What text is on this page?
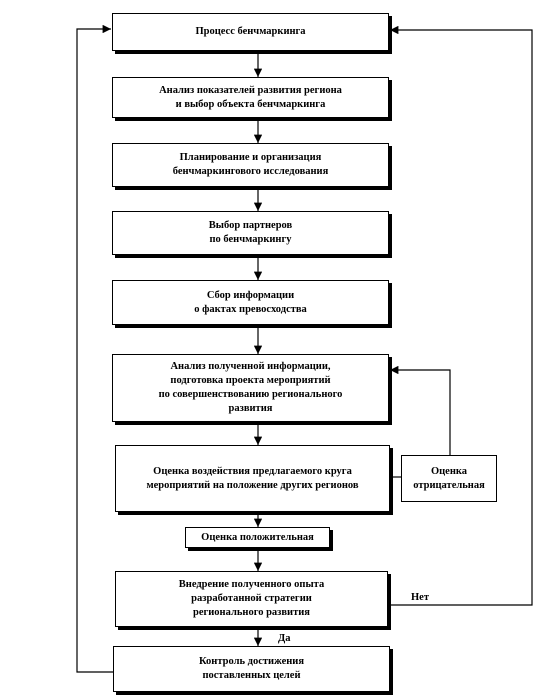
Процесс бенчмаркинга
Анализ показателей развития региона
и выбор объекта бенчмаркинга
Планирование и организация
бенчмаркингового исследования
Выбор партнеров
по бенчмаркингу
Сбор информации
о фактах превосходства
Анализ полученной информации,
подготовка проекта мероприятий
по совершенствованию регионального
развития
Оценка воздействия предлагаемого круга
мероприятий на положение других регионов
Оценка
отрицательная
Оценка положительная
Внедрение полученного опыта
разработанной стратегии
регионального развития
Контроль достижения
поставленных целей
Нет
Да
